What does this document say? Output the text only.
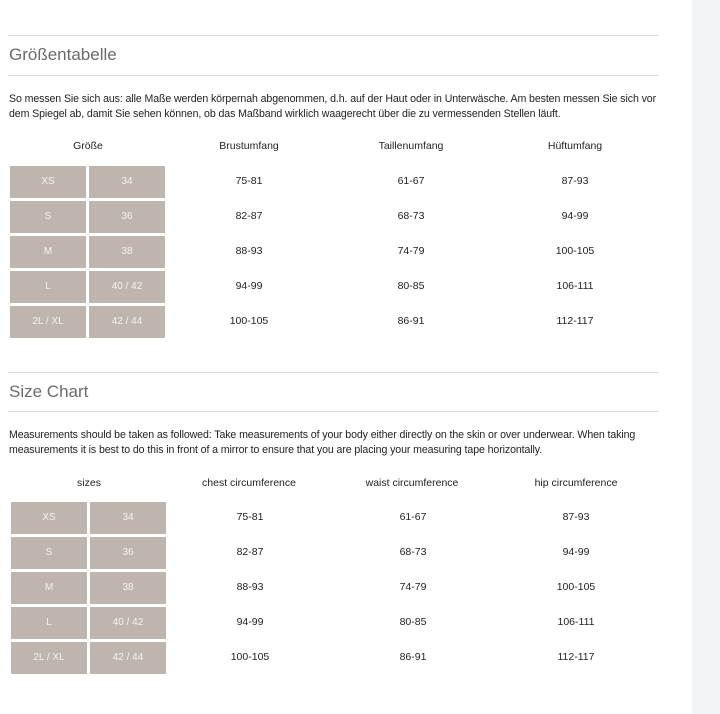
Größentabelle
So messen Sie sich aus: alle Maße werden körpernah abgenommen, d.h. auf der Haut oder in Unterwäsche. Am besten messen Sie sich vor dem Spiegel ab, damit Sie sehen können, ob das Maßband wirklich waagerecht über die zu vermessenden Stellen läuft.
Größe	Brustumfang	Taillenumfang	Hüftumfang
XS	34	75-81	61-67	87-93
S	36	82-87	68-73	94-99
M	38	88-93	74-79	100-105
L	40 / 42	94-99	80-85	106-111
2L / XL	42 / 44	100-105	86-91	112-117
Size Chart
Measurements should be taken as followed: Take measurements of your body either directly on the skin or over underwear. When taking measurements it is best to do this in front of a mirror to ensure that you are placing your measuring tape horizontally.
sizes	chest circumference	waist circumference	hip circumference
XS	34	75-81	61-67	87-93
S	36	82-87	68-73	94-99
M	38	88-93	74-79	100-105
L	40 / 42	94-99	80-85	106-111
2L / XL	42 / 44	100-105	86-91	112-117
